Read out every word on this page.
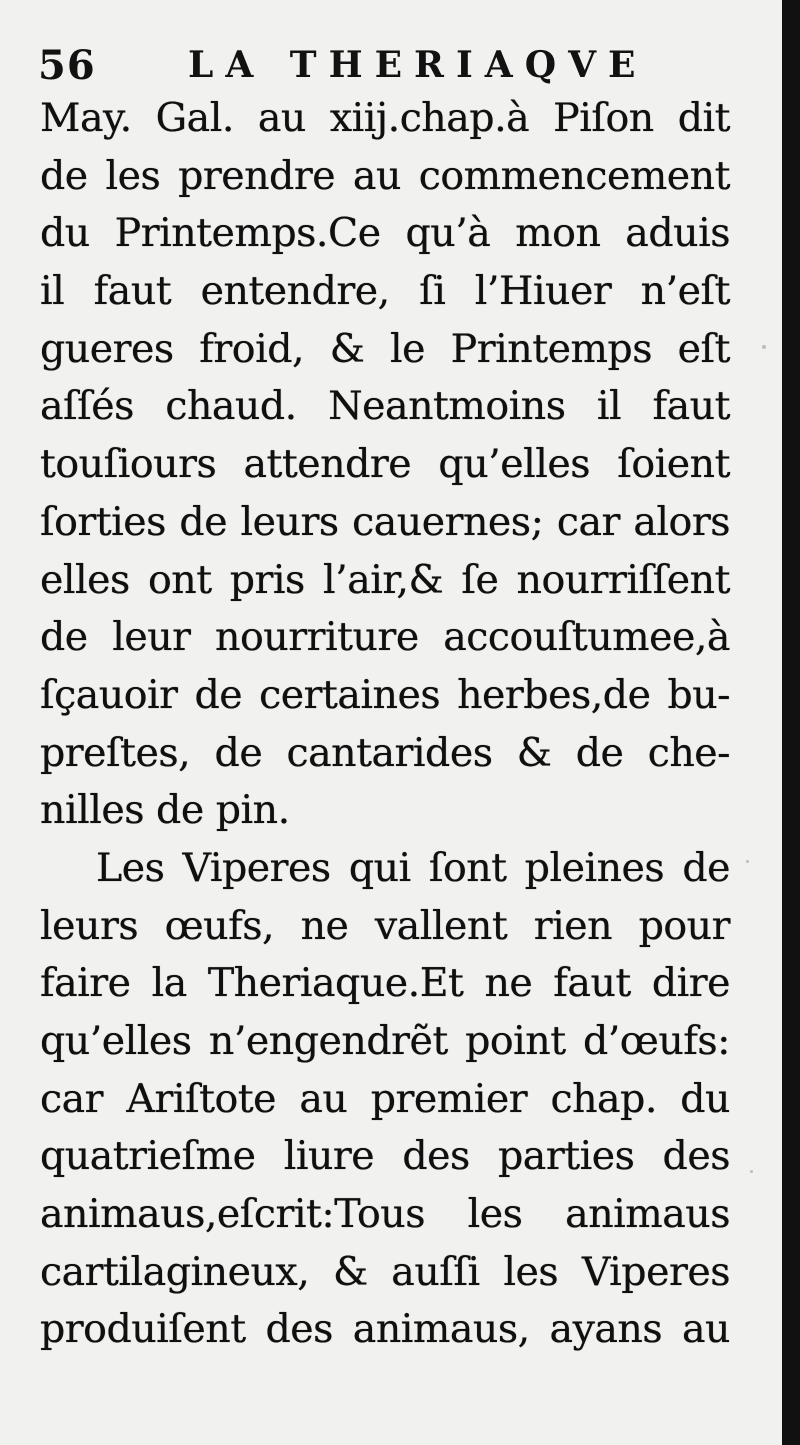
56	LA THERIAQVE
May. Gal. au xiij.chap.à Piſon dit
de les prendre au commencement
du Printemps.Ce qu’à mon aduis
il faut entendre, ſi l’Hiuer n’eſt
gueres froid, & le Printemps eſt
aſſés chaud. Neantmoins il faut
touſiours attendre qu’elles ſoient
ſorties de leurs cauernes; car alors
elles ont pris l’air,& ſe nourriſſent
de leur nourriture accouſtumee,à
ſçauoir de certaines herbes,de bu-
preſtes, de cantarides & de che-
nilles de pin.
Les Viperes qui ſont pleines de
leurs œufs, ne vallent rien pour
faire la Theriaque.Et ne faut dire
qu’elles n’engendrẽt point d’œufs:
car Ariſtote au premier chap. du
quatrieſme liure des parties des
animaus,eſcrit:Tous les animaus
cartilagineux, & auſſi les Viperes
produiſent des animaus, ayans au
